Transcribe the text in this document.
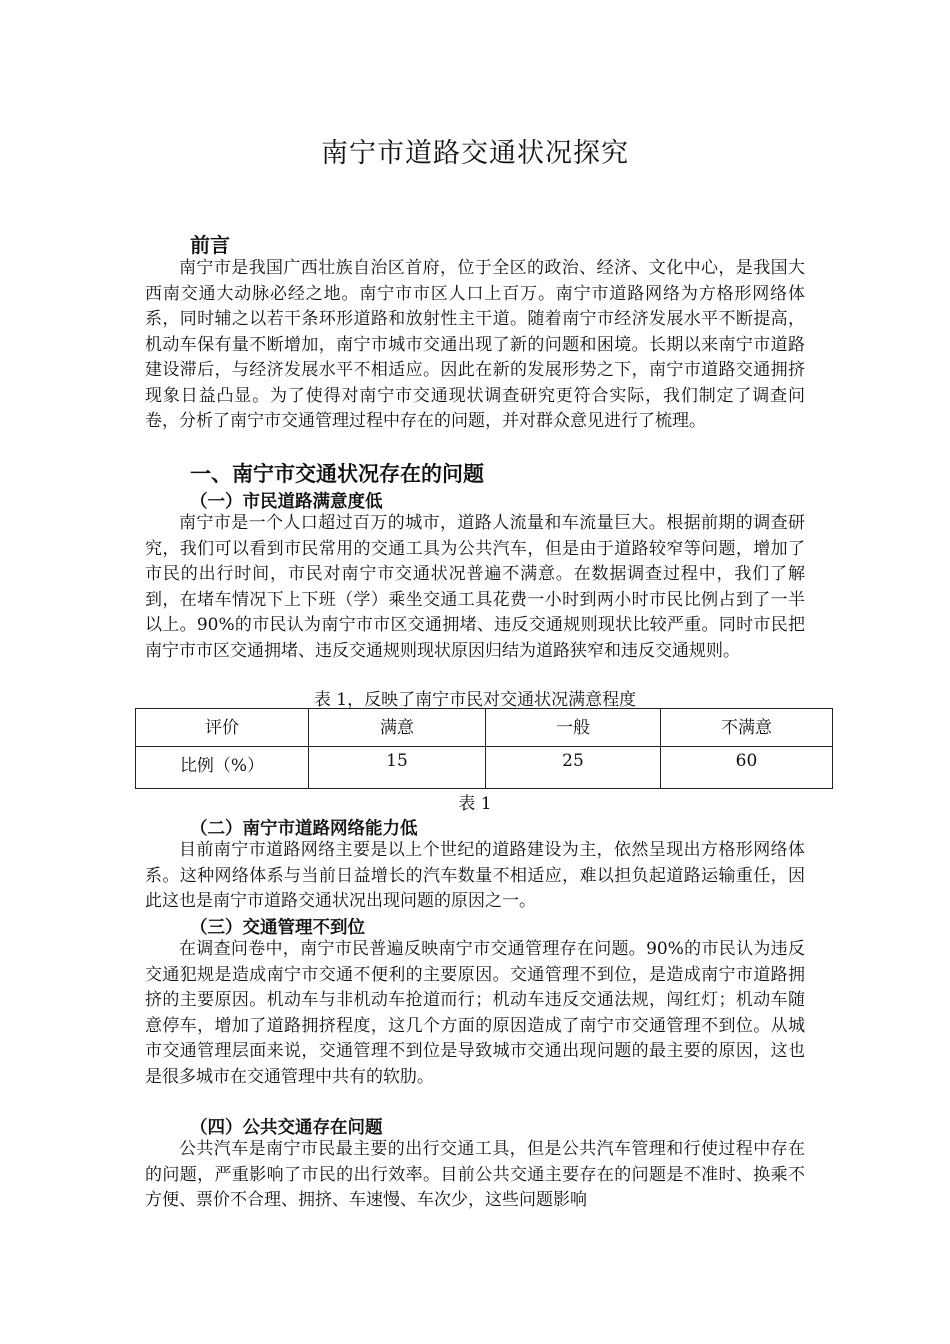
南宁市道路交通状况探究
前言
南宁市是我国广西壮族自治区首府，位于全区的政治、经济、文化中心，是我国大西南交通大动脉必经之地。南宁市市区人口上百万。南宁市道路网络为方格形网络体系，同时辅之以若干条环形道路和放射性主干道。随着南宁市经济发展水平不断提高，机动车保有量不断增加，南宁市城市交通出现了新的问题和困境。长期以来南宁市道路建设滞后，与经济发展水平不相适应。因此在新的发展形势之下，南宁市道路交通拥挤现象日益凸显。为了使得对南宁市交通现状调查研究更符合实际，我们制定了调查问卷，分析了南宁市交通管理过程中存在的问题，并对群众意见进行了梳理。
一、南宁市交通状况存在的问题
（一）市民道路满意度低
南宁市是一个人口超过百万的城市，道路人流量和车流量巨大。根据前期的调查研究，我们可以看到市民常用的交通工具为公共汽车，但是由于道路较窄等问题，增加了市民的出行时间，市民对南宁市交通状况普遍不满意。在数据调查过程中，我们了解到，在堵车情况下上下班（学）乘坐交通工具花费一小时到两小时市民比例占到了一半以上。90%的市民认为南宁市市区交通拥堵、违反交通规则现状比较严重。同时市民把南宁市市区交通拥堵、违反交通规则现状原因归结为道路狭窄和违反交通规则。
表 1，反映了南宁市民对交通状况满意程度
评价	满意	一般	不满意
比例（%）	15	25	60
表 1
（二）南宁市道路网络能力低
目前南宁市道路网络主要是以上个世纪的道路建设为主，依然呈现出方格形网络体系。这种网络体系与当前日益增长的汽车数量不相适应，难以担负起道路运输重任，因此这也是南宁市道路交通状况出现问题的原因之一。
（三）交通管理不到位
在调查问卷中，南宁市民普遍反映南宁市交通管理存在问题。90%的市民认为违反交通犯规是造成南宁市交通不便利的主要原因。交通管理不到位，是造成南宁市道路拥挤的主要原因。机动车与非机动车抢道而行；机动车违反交通法规，闯红灯；机动车随意停车，增加了道路拥挤程度，这几个方面的原因造成了南宁市交通管理不到位。从城市交通管理层面来说，交通管理不到位是导致城市交通出现问题的最主要的原因，这也是很多城市在交通管理中共有的软肋。
（四）公共交通存在问题
公共汽车是南宁市民最主要的出行交通工具，但是公共汽车管理和行使过程中存在的问题，严重影响了市民的出行效率。目前公共交通主要存在的问题是不准时、换乘不方便、票价不合理、拥挤、车速慢、车次少，这些问题影响
